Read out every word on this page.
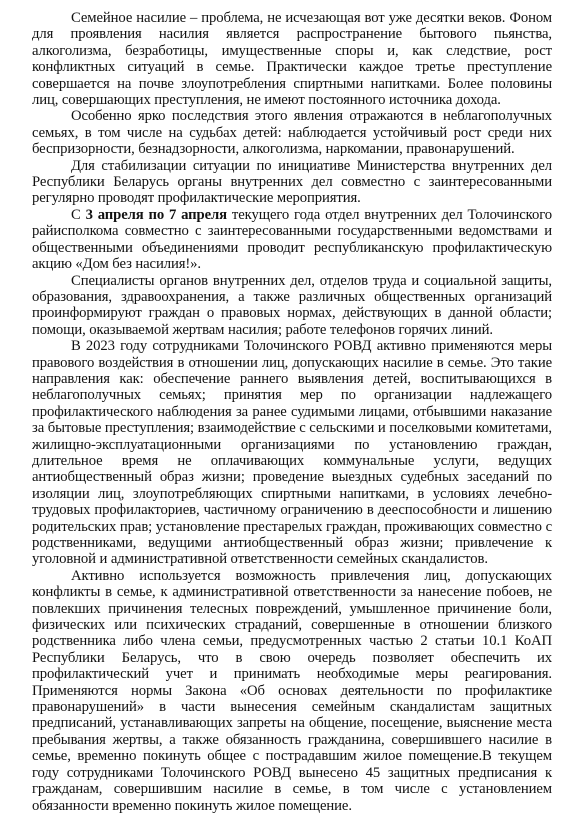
Семейное насилие – проблема, не исчезающая вот уже десятки веков. Фоном для проявления насилия является распространение бытового пьянства, алкоголизма, безработицы, имущественные споры и, как следствие, рост конфликтных ситуаций в семье. Практически каждое третье преступление совершается на почве злоупотребления спиртными напитками. Более половины лиц, совершающих преступления, не имеют постоянного источника дохода.

Особенно ярко последствия этого явления отражаются в неблагополучных семьях, в том числе на судьбах детей: наблюдается устойчивый рост среди них беспризорности, безнадзорности, алкоголизма, наркомании, правонарушений.

Для стабилизации ситуации по инициативе Министерства внутренних дел Республики Беларусь органы внутренних дел совместно с заинтересованными регулярно проводят профилактические мероприятия.

С 3 апреля по 7 апреля текущего года отдел внутренних дел Толочинского райисполкома совместно с заинтересованными государственными ведомствами и общественными объединениями проводит республиканскую профилактическую акцию «Дом без насилия!».

Специалисты органов внутренних дел, отделов труда и социальной защиты, образования, здравоохранения, а также различных общественных организаций проинформируют граждан о правовых нормах, действующих в данной области; помощи, оказываемой жертвам насилия; работе телефонов горячих линий.

В 2023 году сотрудниками Толочинского РОВД активно применяются меры правового воздействия в отношении лиц, допускающих насилие в семье. Это такие направления как: обеспечение раннего выявления детей, воспитывающихся в неблагополучных семьях; принятия мер по организации надлежащего профилактического наблюдения за ранее судимыми лицами, отбывшими наказание за бытовые преступления; взаимодействие с сельскими и поселковыми комитетами, жилищно-эксплуатационными организациями по установлению граждан, длительное время не оплачивающих коммунальные услуги, ведущих антиобщественный образ жизни; проведение выездных судебных заседаний по изоляции лиц, злоупотребляющих спиртными напитками, в условиях лечебно-трудовых профилакториев, частичному ограничению в дееспособности и лишению родительских прав; установление престарелых граждан, проживающих совместно с родственниками, ведущими антиобщественный образ жизни; привлечение к уголовной и административной ответственности семейных скандалистов.

Активно используется возможность привлечения лиц, допускающих конфликты в семье, к административной ответственности за нанесение побоев, не повлекших причинения телесных повреждений, умышленное причинение боли, физических или психических страданий, совершенные в отношении близкого родственника либо члена семьи, предусмотренных частью 2 статьи 10.1 КоАП Республики Беларусь, что в свою очередь позволяет обеспечить их профилактический учет и принимать необходимые меры реагирования. Применяются нормы Закона «Об основах деятельности по профилактике правонарушений» в части вынесения семейным скандалистам защитных предписаний, устанавливающих запреты на общение, посещение, выяснение места пребывания жертвы, а также обязанность гражданина, совершившего насилие в семье, временно покинуть общее с пострадавшим жилое помещение.В текущем году сотрудниками Толочинского РОВД вынесено 45 защитных предписания к гражданам, совершившим насилие в семье, в том числе с установлением обязанности временно покинуть жилое помещение.
